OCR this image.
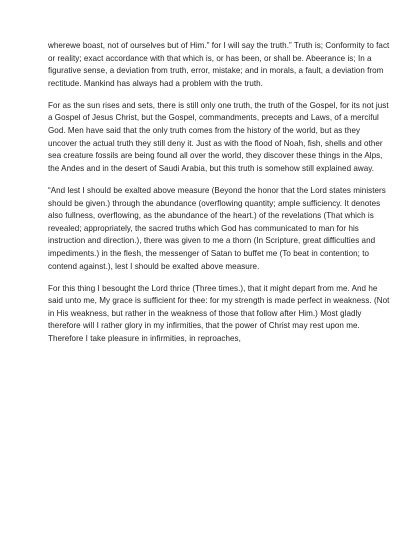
wherewe boast, not of ourselves but of Him.” for I will say the truth.” Truth is; Conformity to fact or reality; exact accordance with that which is, or has been, or shall be. Abeerance is; In a figurative sense, a deviation from truth, error, mistake; and in morals, a fault, a deviation from rectitude. Mankind has always had a problem with the truth.

For as the sun rises and sets, there is still only one truth, the truth of the Gospel, for its not just a Gospel of Jesus Christ, but the Gospel, commandments, precepts and Laws, of a merciful God. Men have said that the only truth comes from the history of the world, but as they uncover the actual truth they still deny it. Just as with the flood of Noah, fish, shells and other sea creature fossils are being found all over the world, they discover these things in the Alps, the Andes and in the desert of Saudi Arabia, but this truth is somehow still explained away.

“And lest I should be exalted above measure (Beyond the honor that the Lord states ministers should be given.) through the abundance (overflowing quantity; ample sufficiency. It denotes also fullness, overflowing, as the abundance of the heart.) of the revelations (That which is revealed; appropriately, the sacred truths which God has communicated to man for his instruction and direction.), there was given to me a thorn (In Scripture, great difficulties and impediments.) in the flesh, the messenger of Satan to buffet me (To beat in contention; to contend against.), lest I should be exalted above measure.

For this thing I besought the Lord thrice (Three times.), that it might depart from me. And he said unto me, My grace is sufficient for thee: for my strength is made perfect in weakness. (Not in His weakness, but rather in the weakness of those that follow after Him.) Most gladly therefore will I rather glory in my infirmities, that the power of Christ may rest upon me. Therefore I take pleasure in infirmities, in reproaches,
